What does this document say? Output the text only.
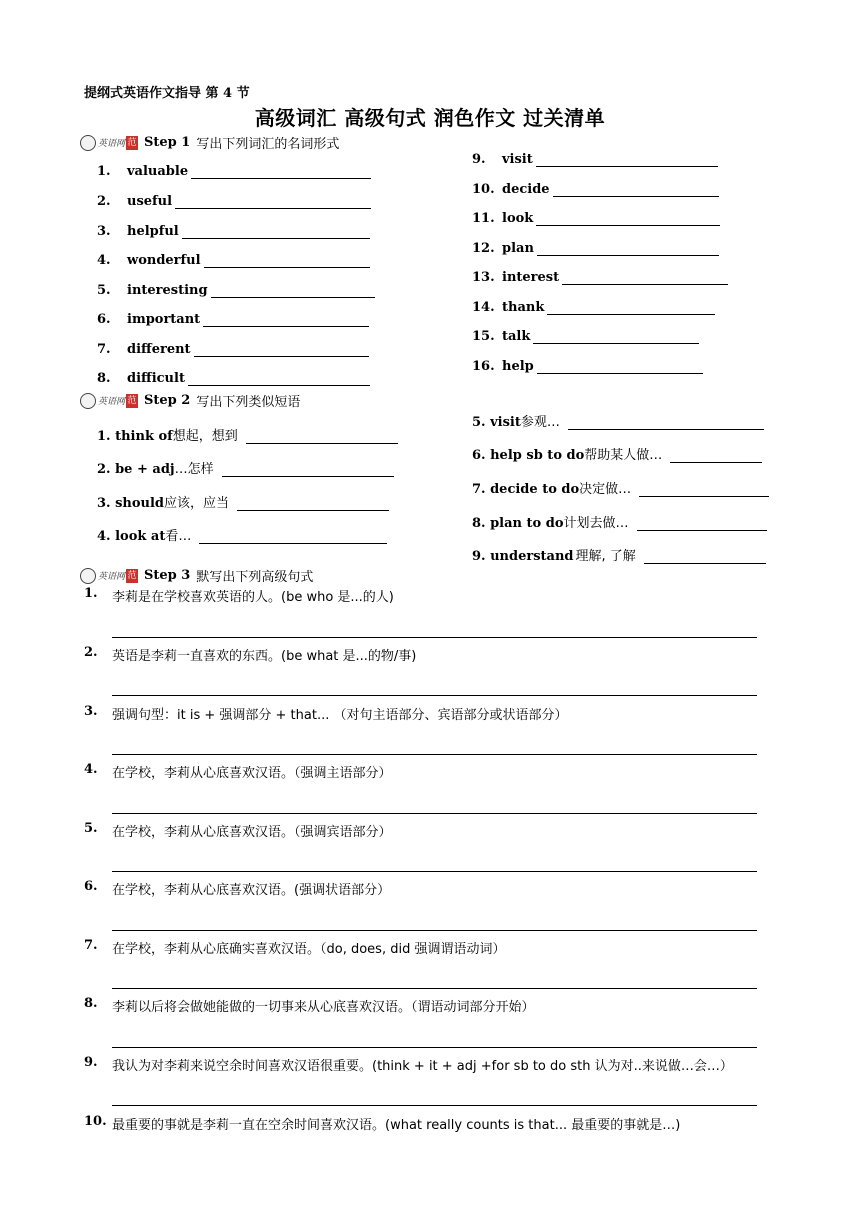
提纲式英语作文指导 第 4 节
高级词汇 高级句式 润色作文 过关清单
英语网 范 Step 1 写出下列词汇的名词形式
1.	valuable
2.	useful
3.	helpful
4.	wonderful
5.	interesting
6.	important
7.	different
8.	difficult
9.	visit
10. decide
11. look
12. plan
13. interest
14. thank
15. talk
16. help
英语网 范 Step 2 写出下列类似短语
1. think of 想起，想到
2. be + adj …怎样
3. should 应该，应当
4. look at 看…
5. visit 参观…
6. help sb to do 帮助某人做…
7. decide to do 决定做…
8. plan to do 计划去做…
9. understand 理解, 了解
英语网 范 Step 3 默写出下列高级句式
1.	李莉是在学校喜欢英语的人。(be who 是...的人)
2.	英语是李莉一直喜欢的东西。(be what 是...的物/事)
3.	强调句型：it is + 强调部分 + that... （对句主语部分、宾语部分或状语部分）
4.	在学校，李莉从心底喜欢汉语。（强调主语部分）
5.	在学校，李莉从心底喜欢汉语。（强调宾语部分）
6.	在学校，李莉从心底喜欢汉语。(强调状语部分）
7.	在学校，李莉从心底确实喜欢汉语。（do, does, did 强调谓语动词）
8.	李莉以后将会做她能做的一切事来从心底喜欢汉语。（谓语动词部分开始）
9.	我认为对李莉来说空余时间喜欢汉语很重要。(think + it + adj +for sb to do sth 认为对..来说做…会…）
10. 最重要的事就是李莉一直在空余时间喜欢汉语。(what really counts is that... 最重要的事就是…)
